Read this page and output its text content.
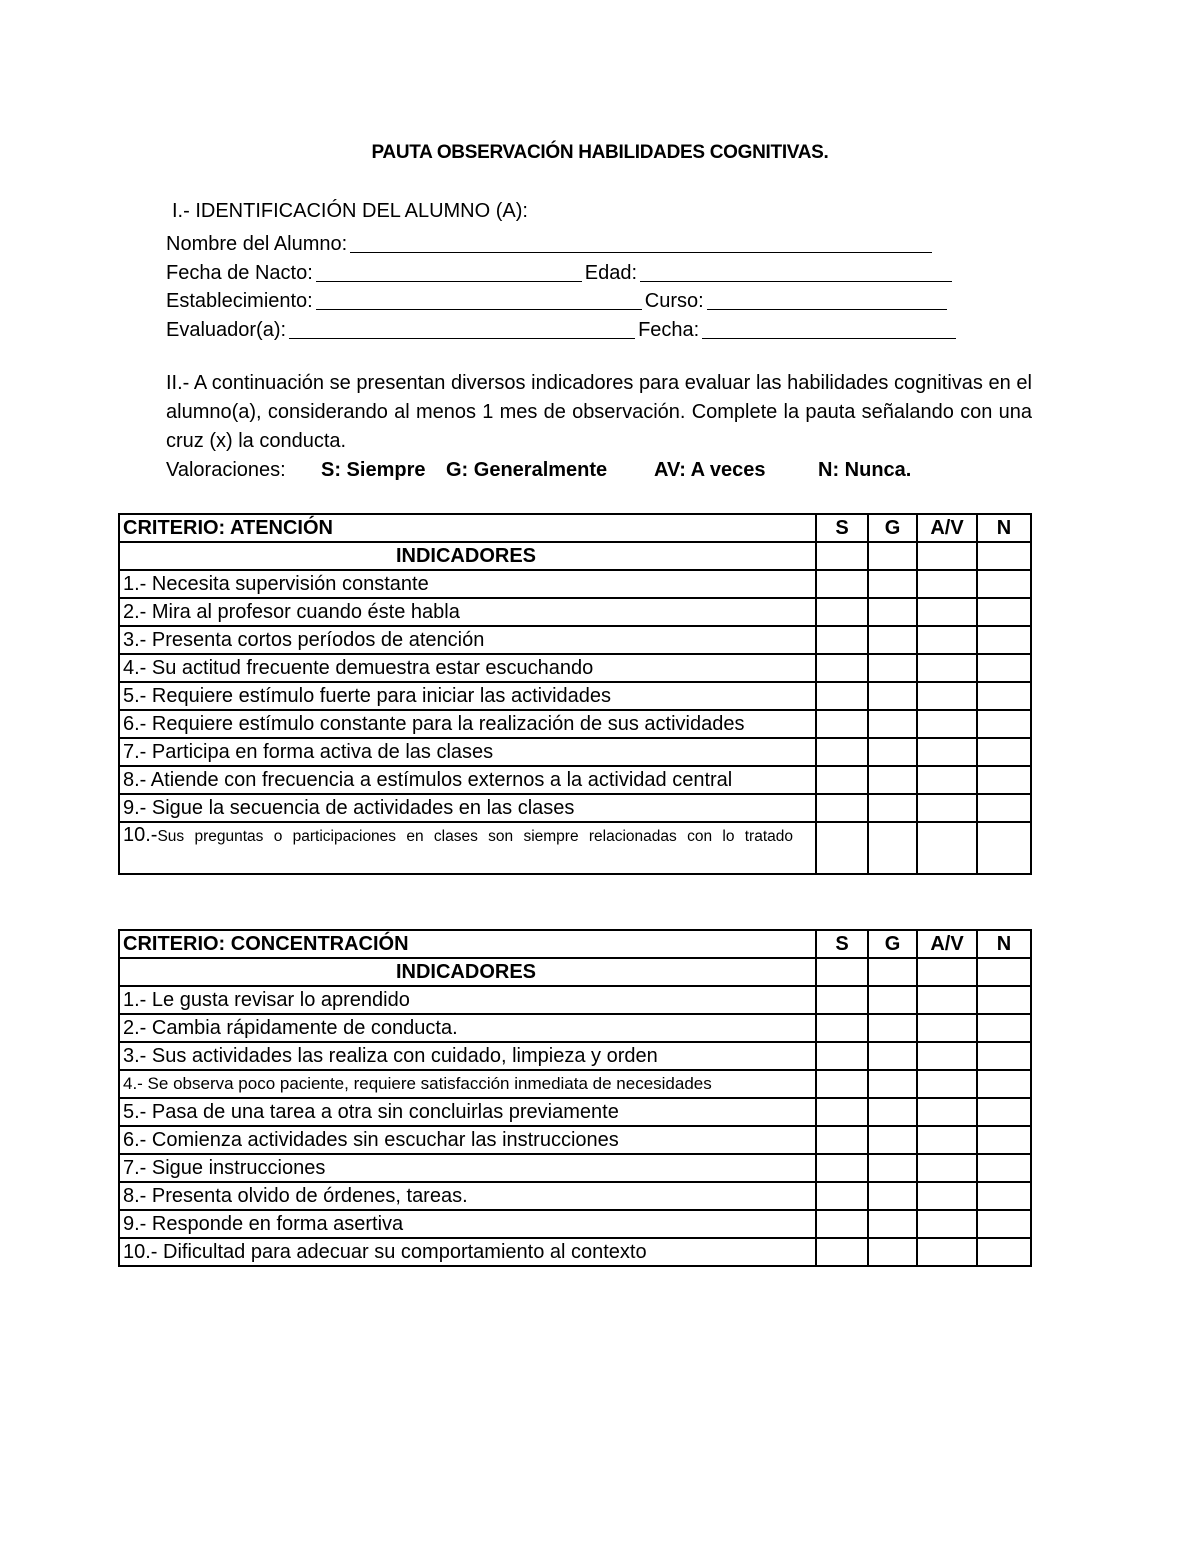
PAUTA OBSERVACIÓN HABILIDADES COGNITIVAS.
I.- IDENTIFICACIÓN DEL ALUMNO (A):
Nombre del Alumno:
Fecha de Nacto:	Edad:
Establecimiento:	Curso:
Evaluador(a):	Fecha:
II.- A continuación se presentan diversos indicadores para evaluar las habilidades cognitivas en el alumno(a), considerando al menos 1 mes de observación. Complete la pauta señalando con una cruz (x) la conducta.
Valoraciones: S: Siempre G: Generalmente AV: A veces	N: Nunca.
CRITERIO: ATENCIÓN	S	G	A/V	N
INDICADORES				
1.- Necesita supervisión constante				
2.- Mira al profesor cuando éste habla				
3.- Presenta cortos períodos de atención				
4.- Su actitud frecuente demuestra estar escuchando				
5.- Requiere estímulo fuerte para iniciar las actividades				
6.- Requiere estímulo constante para la realización de sus actividades				
7.- Participa en forma activa de las clases				
8.- Atiende con frecuencia a estímulos externos a la actividad central				
9.- Sigue la secuencia de actividades en las clases				
10.-Sus preguntas o participaciones en clases son siempre relacionadas con lo tratado				
CRITERIO: CONCENTRACIÓN	S	G	A/V	N
INDICADORES				
1.- Le gusta revisar lo aprendido				
2.- Cambia rápidamente de conducta.				
3.- Sus actividades las realiza con cuidado, limpieza y orden				
4.- Se observa poco paciente, requiere satisfacción inmediata de necesidades				
5.- Pasa de una tarea a otra sin concluirlas previamente				
6.- Comienza actividades sin escuchar las instrucciones				
7.- Sigue instrucciones				
8.- Presenta olvido de órdenes, tareas.				
9.- Responde en forma asertiva				
10.- Dificultad para adecuar su comportamiento al contexto				
